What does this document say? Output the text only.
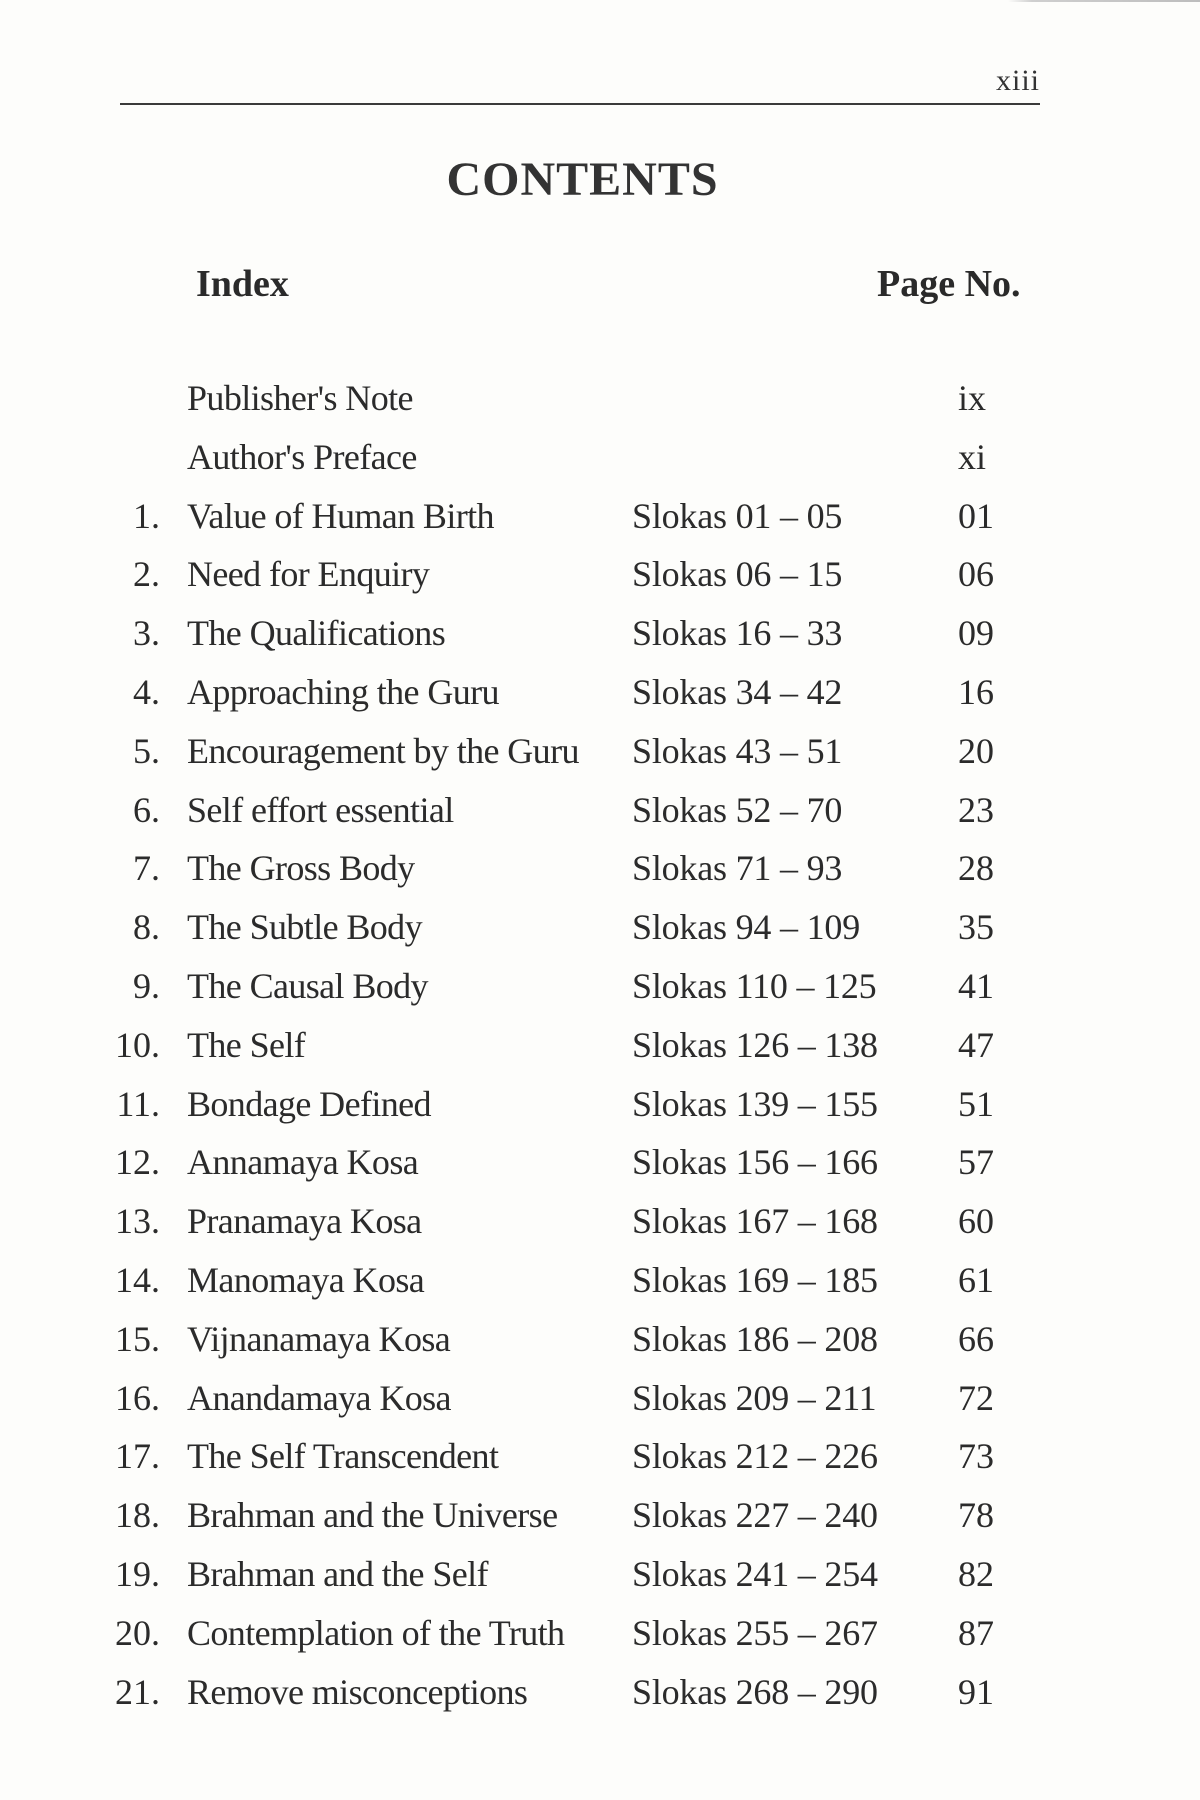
xiii
CONTENTS
Index	Page No.
Publisher's Note	ix
Author's Preface	xi
1. Value of Human Birth	Slokas 01 – 05	01
2. Need for Enquiry	Slokas 06 – 15	06
3. The Qualifications	Slokas 16 – 33	09
4. Approaching the Guru	Slokas 34 – 42	16
5. Encouragement by the Guru Slokas 43 – 51	20
6. Self effort essential	Slokas 52 – 70	23
7. The Gross Body	Slokas 71 – 93	28
8. The Subtle Body	Slokas 94 – 109	35
9. The Causal Body	Slokas 110 – 125 41
10. The Self	Slokas 126 – 138 47
11. Bondage Defined	Slokas 139 – 155 51
12. Annamaya Kosa	Slokas 156 – 166 57
13. Pranamaya Kosa	Slokas 167 – 168 60
14. Manomaya Kosa	Slokas 169 – 185 61
15. Vijnanamaya Kosa	Slokas 186 – 208 66
16. Anandamaya Kosa	Slokas 209 – 211 72
17. The Self Transcendent	Slokas 212 – 226 73
18. Brahman and the Universe Slokas 227 – 240 78
19. Brahman and the Self	Slokas 241 – 254 82
20. Contemplation of the Truth Slokas 255 – 267 87
21. Remove misconceptions	Slokas 268 – 290 91
